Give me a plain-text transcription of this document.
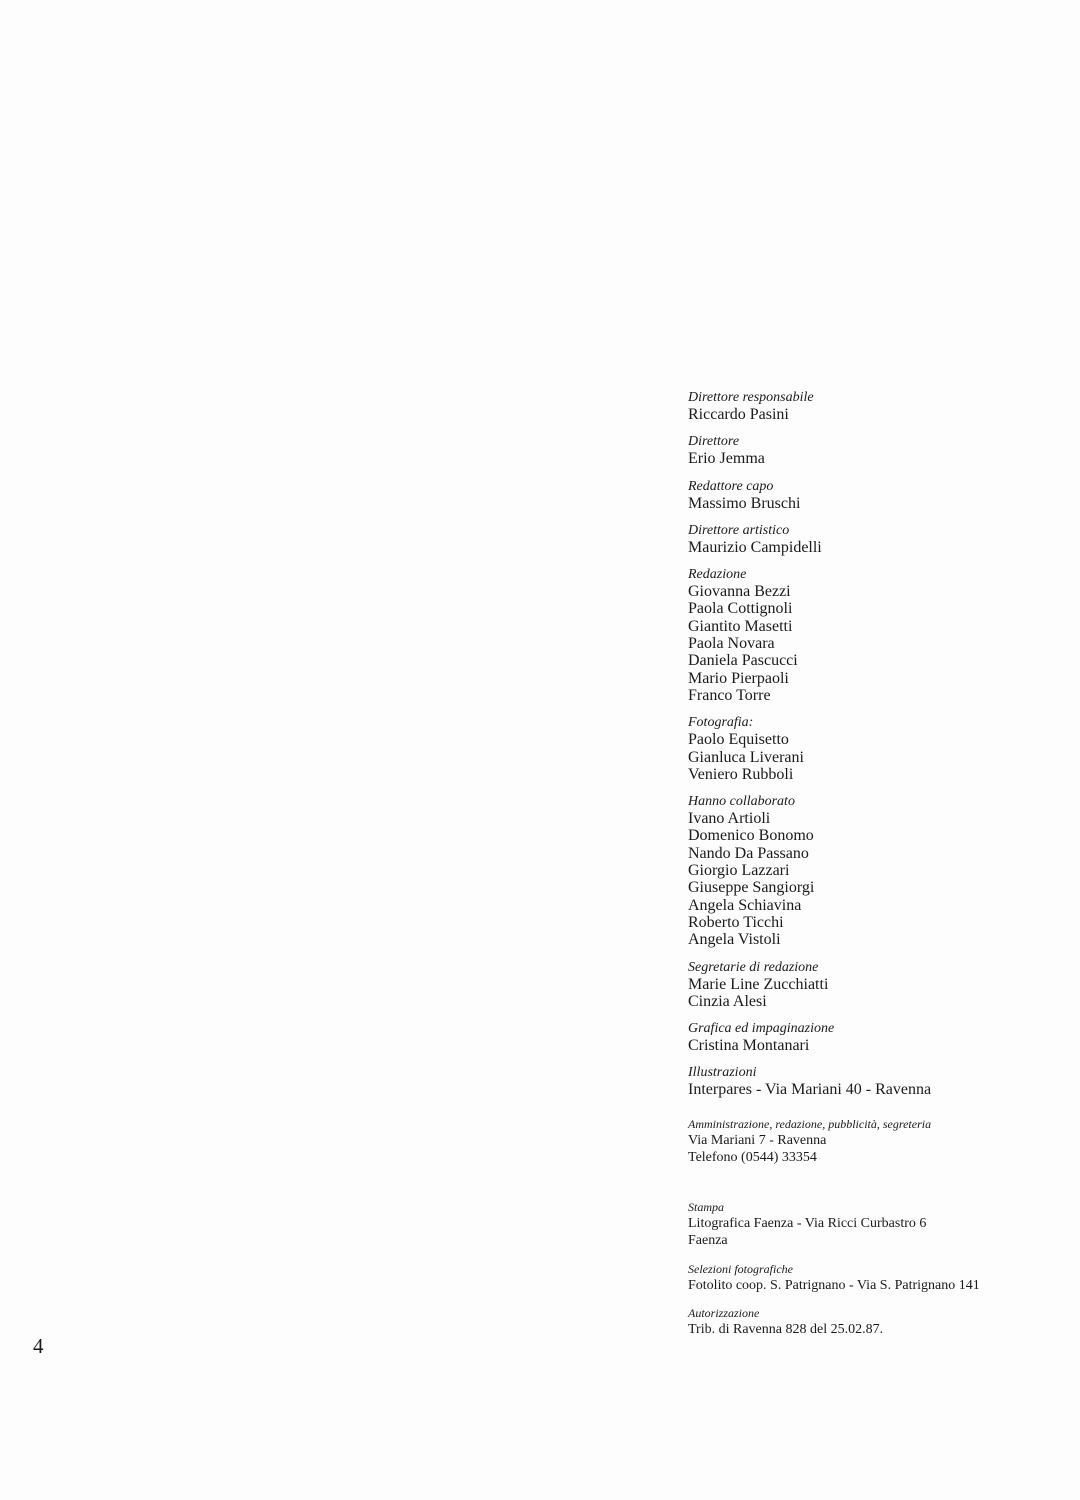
Direttore responsabile
Riccardo Pasini
Direttore
Erio Jemma
Redattore capo
Massimo Bruschi
Direttore artistico
Maurizio Campidelli
Redazione
Giovanna Bezzi
Paola Cottignoli
Giantito Masetti
Paola Novara
Daniela Pascucci
Mario Pierpaoli
Franco Torre
Fotografia:
Paolo Equisetto
Gianluca Liverani
Veniero Rubboli
Hanno collaborato
Ivano Artioli
Domenico Bonomo
Nando Da Passano
Giorgio Lazzari
Giuseppe Sangiorgi
Angela Schiavina
Roberto Ticchi
Angela Vistoli
Segretarie di redazione
Marie Line Zucchiatti
Cinzia Alesi
Grafica ed impaginazione
Cristina Montanari
Illustrazioni
Interpares - Via Mariani 40 - Ravenna
Amministrazione, redazione, pubblicità, segreteria
Via Mariani 7 - Ravenna
Telefono (0544) 33354
Stampa
Litografica Faenza - Via Ricci Curbastro 6
Faenza
Selezioni fotografiche
Fotolito coop. S. Patrignano - Via S. Patrignano 141
Autorizzazione
Trib. di Ravenna 828 del 25.02.87.
4
